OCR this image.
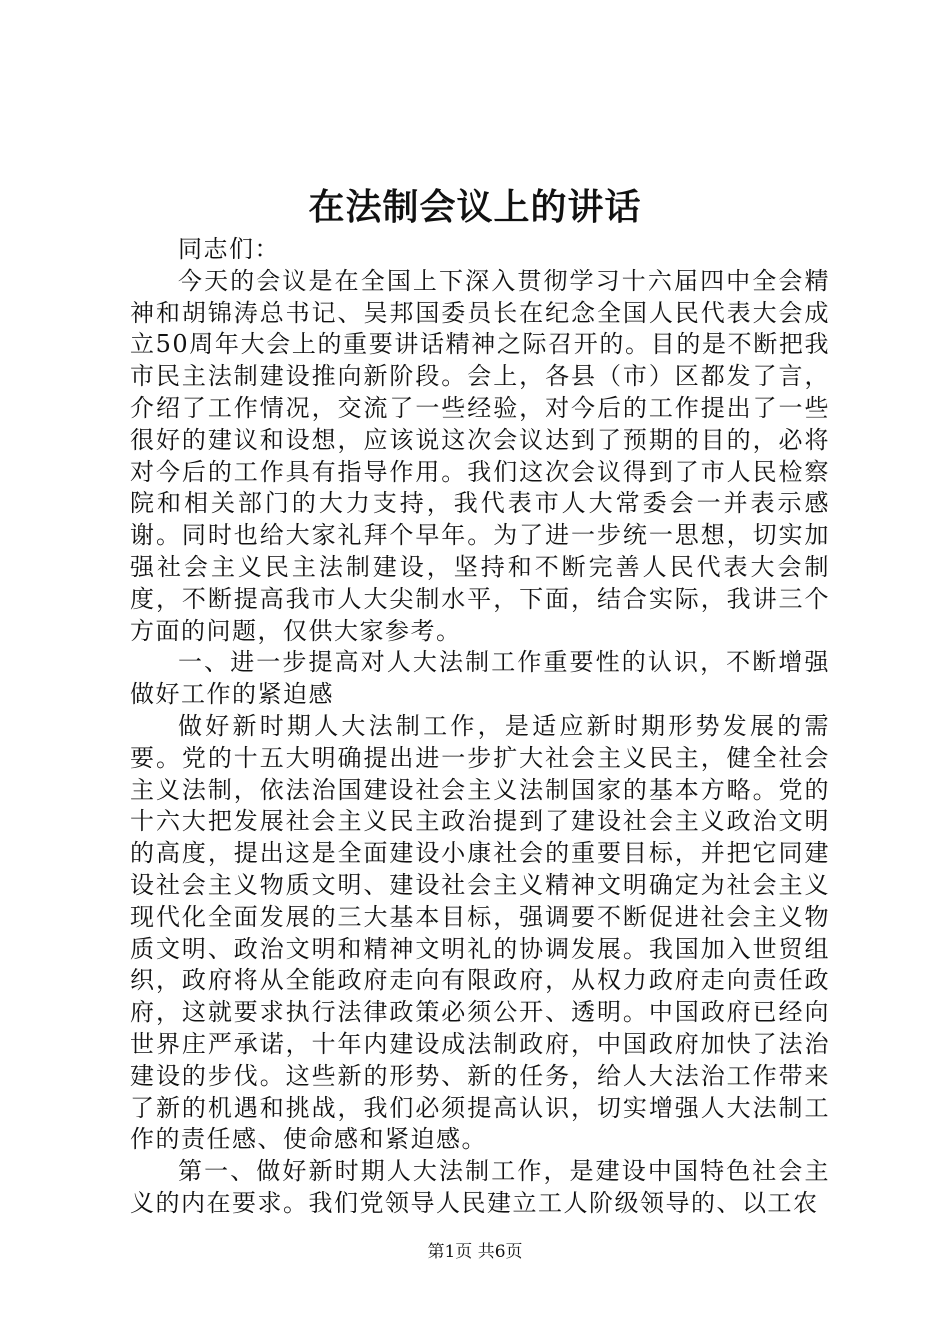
在法制会议上的讲话

同志们：

今天的会议是在全国上下深入贯彻学习十六届四中全会精神和胡锦涛总书记、吴邦国委员长在纪念全国人民代表大会成立50周年大会上的重要讲话精神之际召开的。目的是不断把我市民主法制建设推向新阶段。会上，各县（市）区都发了言，介绍了工作情况，交流了一些经验，对今后的工作提出了一些很好的建议和设想，应该说这次会议达到了预期的目的，必将对今后的工作具有指导作用。我们这次会议得到了市人民检察院和相关部门的大力支持，我代表市人大常委会一并表示感谢。同时也给大家礼拜个早年。为了进一步统一思想，切实加强社会主义民主法制建设，坚持和不断完善人民代表大会制度，不断提高我市人大尖制水平，下面，结合实际，我讲三个方面的问题，仅供大家参考。

一、进一步提高对人大法制工作重要性的认识，不断增强做好工作的紧迫感

做好新时期人大法制工作，是适应新时期形势发展的需要。党的十五大明确提出进一步扩大社会主义民主，健全社会主义法制，依法治国建设社会主义法制国家的基本方略。党的十六大把发展社会主义民主政治提到了建设社会主义政治文明的高度，提出这是全面建设小康社会的重要目标，并把它同建设社会主义物质文明、建设社会主义精神文明确定为社会主义现代化全面发展的三大基本目标，强调要不断促进社会主义物质文明、政治文明和精神文明礼的协调发展。我国加入世贸组织，政府将从全能政府走向有限政府，从权力政府走向责任政府，这就要求执行法律政策必须公开、透明。中国政府已经向世界庄严承诺，十年内建设成法制政府，中国政府加快了法治建设的步伐。这些新的形势、新的任务，给人大法治工作带来了新的机遇和挑战，我们必须提高认识，切实增强人大法制工作的责任感、使命感和紧迫感。

第一、做好新时期人大法制工作，是建设中国特色社会主义的内在要求。我们党领导人民建立工人阶级领导的、以工农

第1页 共6页
